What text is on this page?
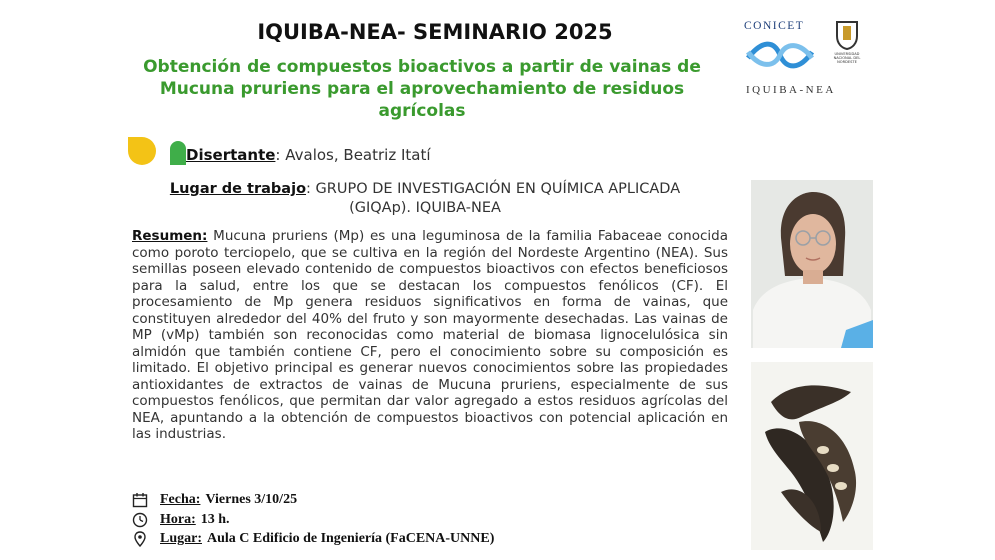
IQUIBA-NEA- SEMINARIO 2025
Obtención de compuestos bioactivos a partir de vainas de Mucuna pruriens para el aprovechamiento de residuos agrícolas
CONICET
UNIVERSIDAD NACIONAL DEL NORDESTE
IQUIBA-NEA
Disertante: Avalos, Beatriz Itatí
Lugar de trabajo: GRUPO DE INVESTIGACIÓN EN QUÍMICA APLICADA (GIQAp). IQUIBA-NEA
Resumen: Mucuna pruriens (Mp) es una leguminosa de la familia Fabaceae conocida como poroto terciopelo, que se cultiva en la región del Nordeste Argentino (NEA). Sus semillas poseen elevado contenido de compuestos bioactivos con efectos beneficiosos para la salud, entre los que se destacan los compuestos fenólicos (CF). El procesamiento de Mp genera residuos significativos en forma de vainas, que constituyen alrededor del 40% del fruto y son mayormente desechadas. Las vainas de MP (vMp) también son reconocidas como material de biomasa lignocelulósica sin almidón que también contiene CF, pero el conocimiento sobre su composición es limitado. El objetivo principal es generar nuevos conocimientos sobre las propiedades antioxidantes de extractos de vainas de Mucuna pruriens, especialmente de sus compuestos fenólicos, que permitan dar valor agregado a estos residuos agrícolas del NEA, apuntando a la obtención de compuestos bioactivos con potencial aplicación en las industrias.
Fecha: Viernes 3/10/25
Hora: 13 h.
Lugar: Aula C Edificio de Ingeniería (FaCENA-UNNE)
